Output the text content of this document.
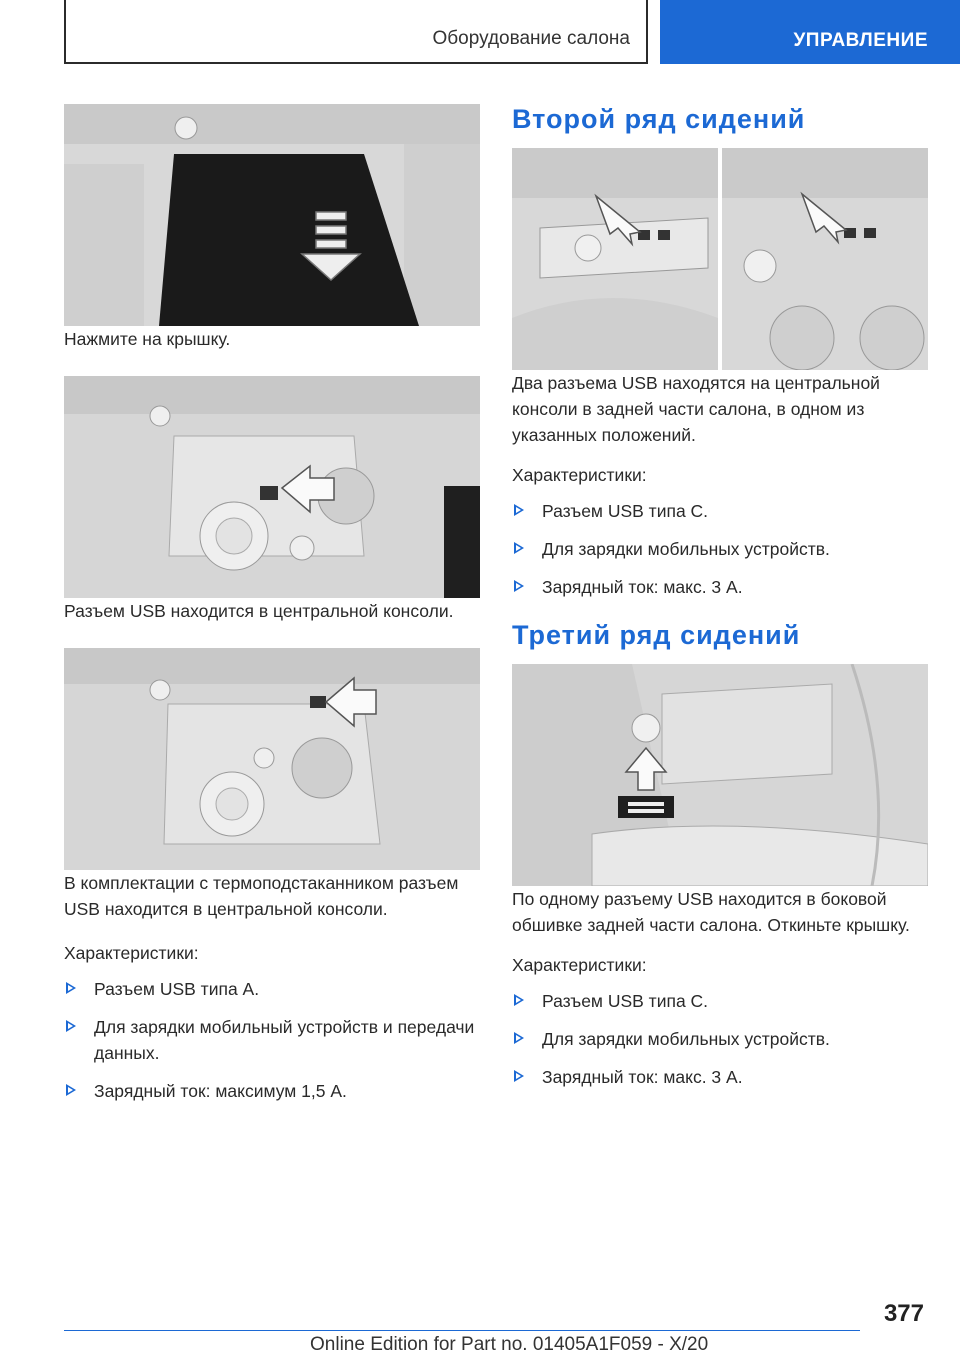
Оборудование салона	УПРАВЛЕНИЕ

Нажмите на крышку.

Разъем USB находится в центральной консоли.

В комплектации с термоподстаканником разъем USB находится в центральной консоли.

Характеристики:

Разъем USB типа A.
Для зарядки мобильный устройств и передачи данных.
Зарядный ток: максимум 1,5 A.
Второй ряд сидений

Два разъема USB находятся на центральной консоли в задней части салона, в одном из указанных положений.

Характеристики:

Разъем USB типа C.
Для зарядки мобильных устройств.
Зарядный ток: макс. 3 А.
Третий ряд сидений

По одному разъему USB находится в боковой обшивке задней части салона. Откиньте крышку.

Характеристики:

Разъем USB типа C.
Для зарядки мобильных устройств.
Зарядный ток: макс. 3 А.
377
Online Edition for Part no. 01405A1F059 - X/20
